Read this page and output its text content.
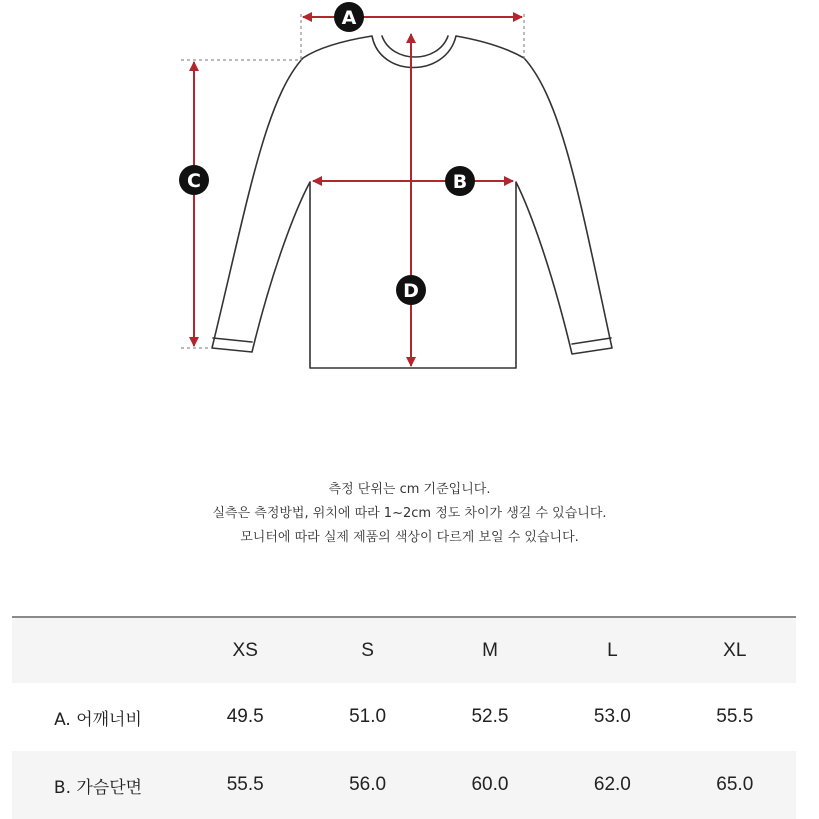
A
B
C
D
측정 단위는 cm 기준입니다.
실측은 측정방법, 위치에 따라 1~2cm 정도 차이가 생길 수 있습니다.
모니터에 따라 실제 제품의 색상이 다르게 보일 수 있습니다.
	XS	S	M	L	XL
A. 어깨너비	49.5	51.0	52.5	53.0	55.5
B. 가슴단면	55.5	56.0	60.0	62.0	65.0
